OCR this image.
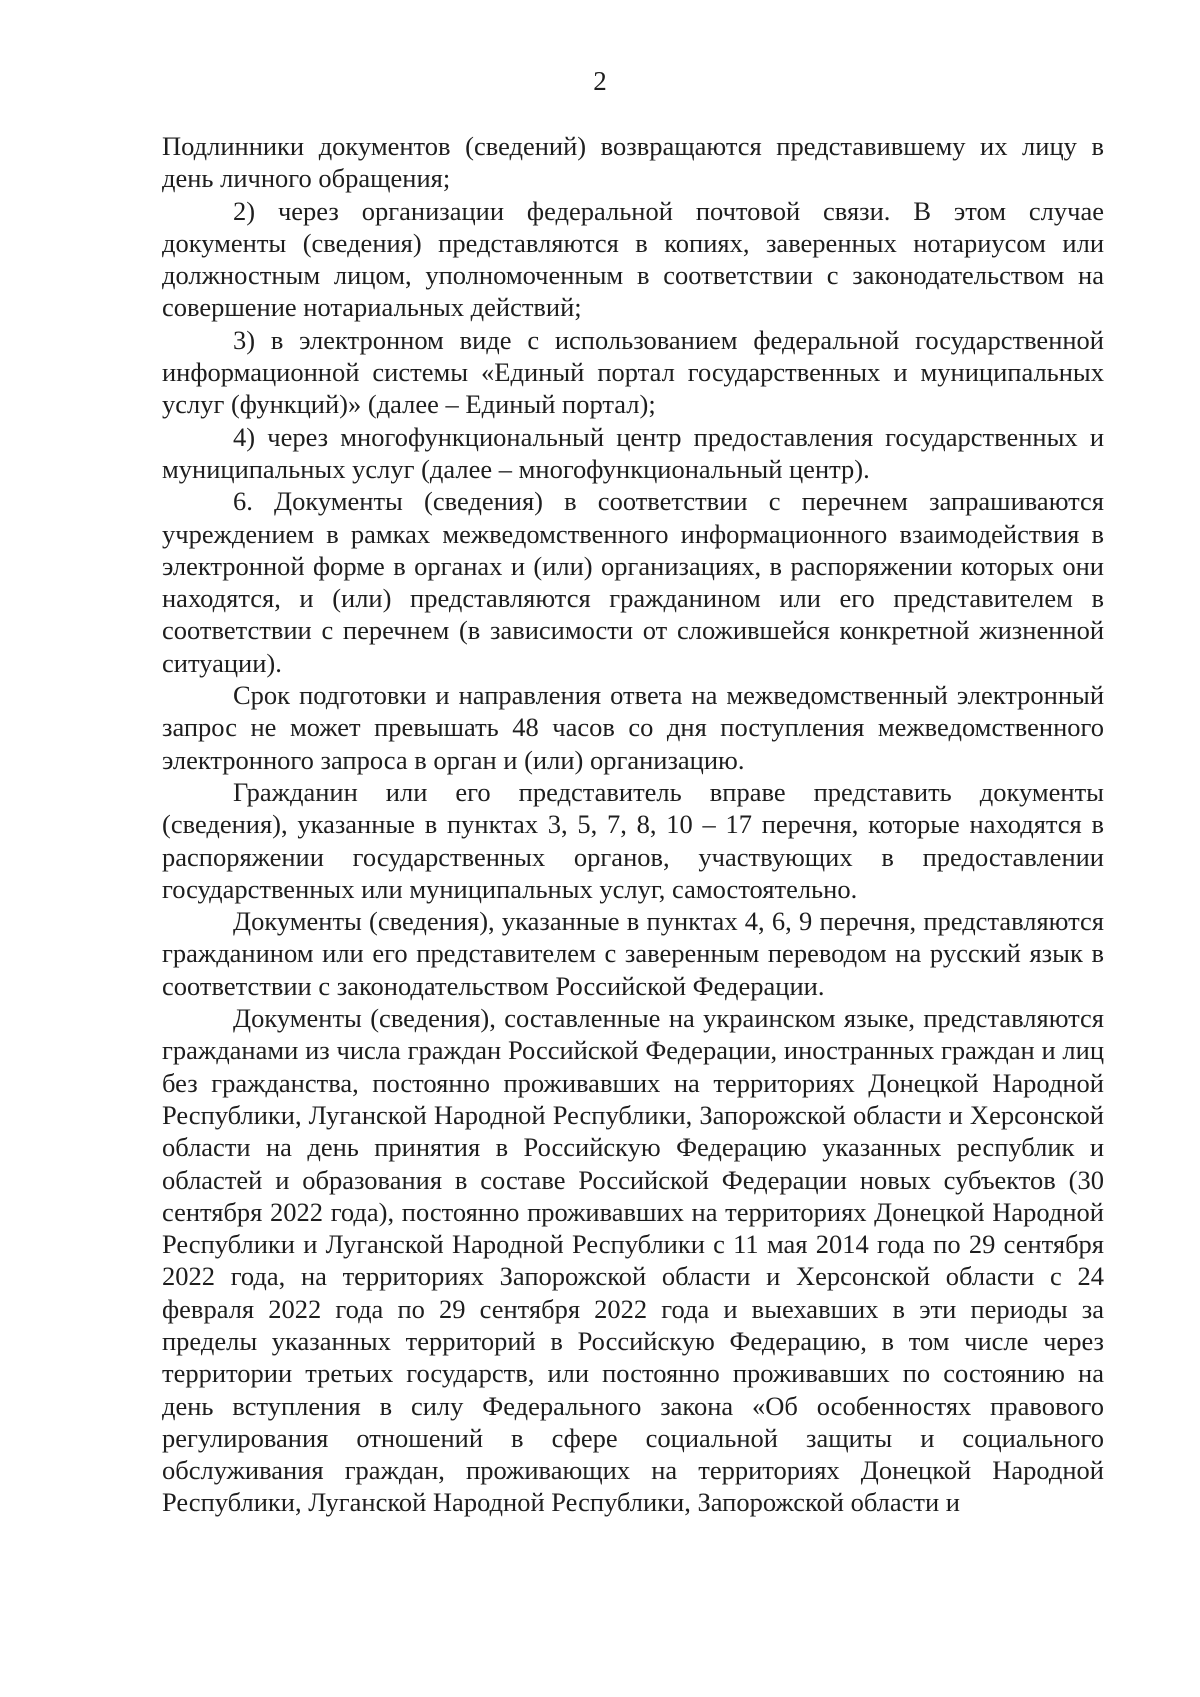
2

Подлинники документов (сведений) возвращаются представившему их лицу в день личного обращения;

2) через организации федеральной почтовой связи. В этом случае документы (сведения) представляются в копиях, заверенных нотариусом или должностным лицом, уполномоченным в соответствии с законодательством на совершение нотариальных действий;

3) в электронном виде с использованием федеральной государственной информационной системы «Единый портал государственных и муниципальных услуг (функций)» (далее – Единый портал);

4) через многофункциональный центр предоставления государственных и муниципальных услуг (далее – многофункциональный центр).

6. Документы (сведения) в соответствии с перечнем запрашиваются учреждением в рамках межведомственного информационного взаимодействия в электронной форме в органах и (или) организациях, в распоряжении которых они находятся, и (или) представляются гражданином или его представителем в соответствии с перечнем (в зависимости от сложившейся конкретной жизненной ситуации).

Срок подготовки и направления ответа на межведомственный электронный запрос не может превышать 48 часов со дня поступления межведомственного электронного запроса в орган и (или) организацию.

Гражданин или его представитель вправе представить документы (сведения), указанные в пунктах 3, 5, 7, 8, 10 – 17 перечня, которые находятся в распоряжении государственных органов, участвующих в предоставлении государственных или муниципальных услуг, самостоятельно.

Документы (сведения), указанные в пунктах 4, 6, 9 перечня, представляются гражданином или его представителем с заверенным переводом на русский язык в соответствии с законодательством Российской Федерации.

Документы (сведения), составленные на украинском языке, представляются гражданами из числа граждан Российской Федерации, иностранных граждан и лиц без гражданства, постоянно проживавших на территориях Донецкой Народной Республики, Луганской Народной Республики, Запорожской области и Херсонской области на день принятия в Российскую Федерацию указанных республик и областей и образования в составе Российской Федерации новых субъектов (30 сентября 2022 года), постоянно проживавших на территориях Донецкой Народной Республики и Луганской Народной Республики с 11 мая 2014 года по 29 сентября 2022 года, на территориях Запорожской области и Херсонской области с 24 февраля 2022 года по 29 сентября 2022 года и выехавших в эти периоды за пределы указанных территорий в Российскую Федерацию, в том числе через территории третьих государств, или постоянно проживавших по состоянию на день вступления в силу Федерального закона «Об особенностях правового регулирования отношений в сфере социальной защиты и социального обслуживания граждан, проживающих на территориях Донецкой Народной Республики, Луганской Народной Республики, Запорожской области и
